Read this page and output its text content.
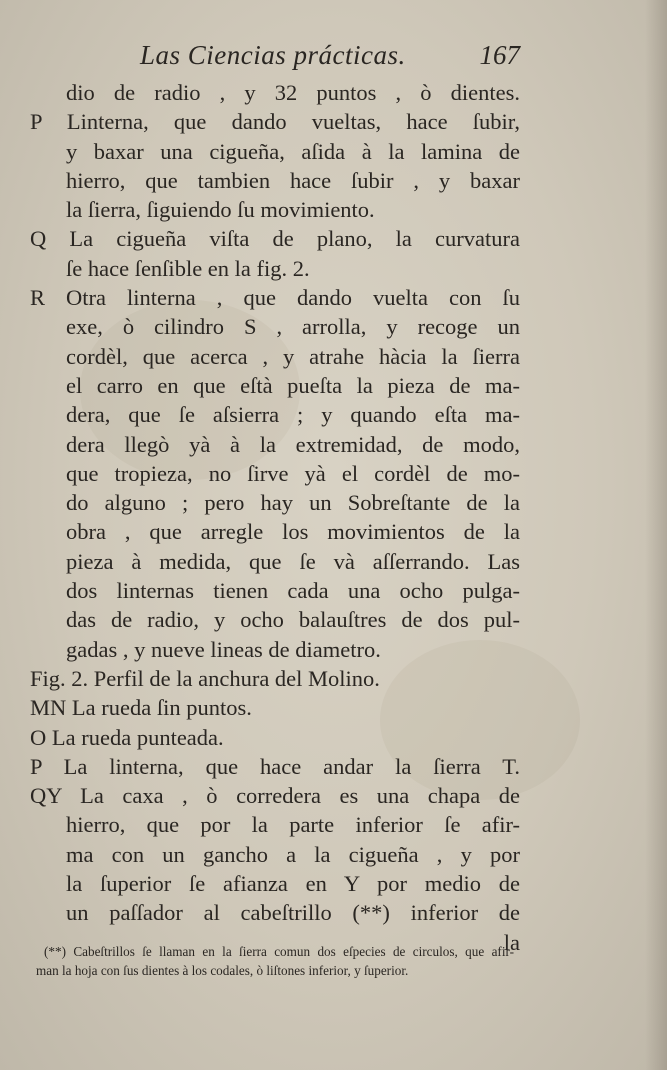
Las Ciencias prácticas.	167
dio de radio , y 32 puntos , ò dientes.
P Linterna, que dando vueltas, hace ſubir,
y baxar una cigueña, aſida à la lamina de
hierro, que tambien hace ſubir , y baxar
la ſierra, ſiguiendo ſu movimiento.
Q La cigueña viſta de plano, la curvatura
ſe hace ſenſible en la fig. 2.
R Otra linterna , que dando vuelta con ſu
exe, ò cilindro S , arrolla, y recoge un
cordèl, que acerca , y atrahe hàcia la ſierra
el carro en que eſtà pueſta la pieza de ma-
dera, que ſe aſsierra ; y quando eſta ma-
dera llegò yà à la extremidad, de modo,
que tropieza, no ſirve yà el cordèl de mo-
do alguno ; pero hay un Sobreſtante de la
obra , que arregle los movimientos de la
pieza à medida, que ſe và aſſerrando. Las
dos linternas tienen cada una ocho pulga-
das de radio, y ocho balauſtres de dos pul-
gadas , y nueve lineas de diametro.
Fig. 2. Perfil de la anchura del Molino.
MN La rueda ſin puntos.
O La rueda punteada.
P La linterna, que hace andar la ſierra T.
QY La caxa , ò corredera es una chapa de
hierro, que por la parte inferior ſe afir-
ma con un gancho a la cigueña , y por
la ſuperior ſe afianza en Y por medio de
un paſſador al cabeſtrillo (**) inferior de
la
(**) Cabeſtrillos ſe llaman en la ſierra comun dos eſpecies de circulos, que afir-
man la hoja con ſus dientes à los codales, ò liſtones inferior, y ſuperior.
